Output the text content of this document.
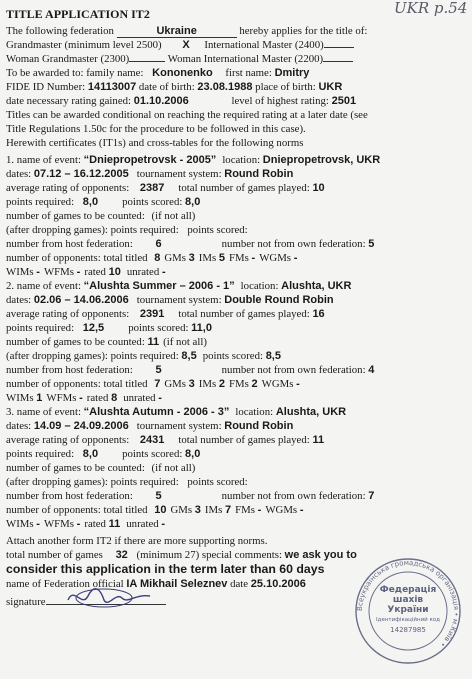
UKR p.54
TITLE APPLICATION IT2
The following federation	Ukraine	hereby applies for the title of:
Grandmaster (minimum level 2500) X International Master (2400)
Woman Grandmaster (2300)	Woman International Master (2200)
To be awarded to: family name: Kononenko first name: Dmitry
FIDE ID Number: 14113007 date of birth: 23.08.1988 place of birth: UKR
date necessary rating gained: 01.10.2006	level of highest rating: 2501
Titles can be awarded conditional on reaching the required rating at a later date (see
Title Regulations 1.50c for the procedure to be followed in this case).
Herewith certificates (IT1s) and cross-tables for the following norms
1. name of event: “Dniepropetrovsk - 2005” location: Dniepropetrovsk, UKR
dates: 07.12 – 16.12.2005 tournament system: Round Robin
average rating of opponents: 2387 total number of games played: 10
points required: 8,0 points scored: 8,0
number of games to be counted: (if not all)
(after dropping games): points required: points scored:
number from host federation: 6	number not from own federation: 5
number of opponents: total titled 8 GMs 3 IMs 5 FMs - WGMs -
WIMs - WFMs - rated 10 unrated -
2. name of event: “Alushta Summer – 2006 - 1” location: Alushta, UKR
dates: 02.06 – 14.06.2006 tournament system: Double Round Robin
average rating of opponents: 2391 total number of games played: 16
points required: 12,5 points scored: 11,0
number of games to be counted: 11 (if not all)
(after dropping games): points required: 8,5 points scored: 8,5
number from host federation: 5	number not from own federation: 4
number of opponents: total titled 7 GMs 3 IMs 2 FMs 2 WGMs -
WIMs 1 WFMs - rated 8 unrated -
3. name of event: “Alushta Autumn - 2006 - 3” location: Alushta, UKR
dates: 14.09 – 24.09.2006 tournament system: Round Robin
average rating of opponents: 2431 total number of games played: 11
points required: 8,0 points scored: 8,0
number of games to be counted: (if not all)
(after dropping games): points required: points scored:
number from host federation: 5	number not from own federation: 7
number of opponents: total titled 10 GMs 3 IMs 7 FMs - WGMs -
WIMs - WFMs - rated 11 unrated -
Attach another form IT2 if there are more supporting norms.
total number of games 32 (minimum 27) special comments: we ask you to
consider this application in the term later than 60 days
name of Federation official IA Mikhail Seleznev date 25.10.2006
signature
Всеукраїнська громадська організація • м.Київ •
Федерація
шахів
України
Ідентифікаційний код
14287985
